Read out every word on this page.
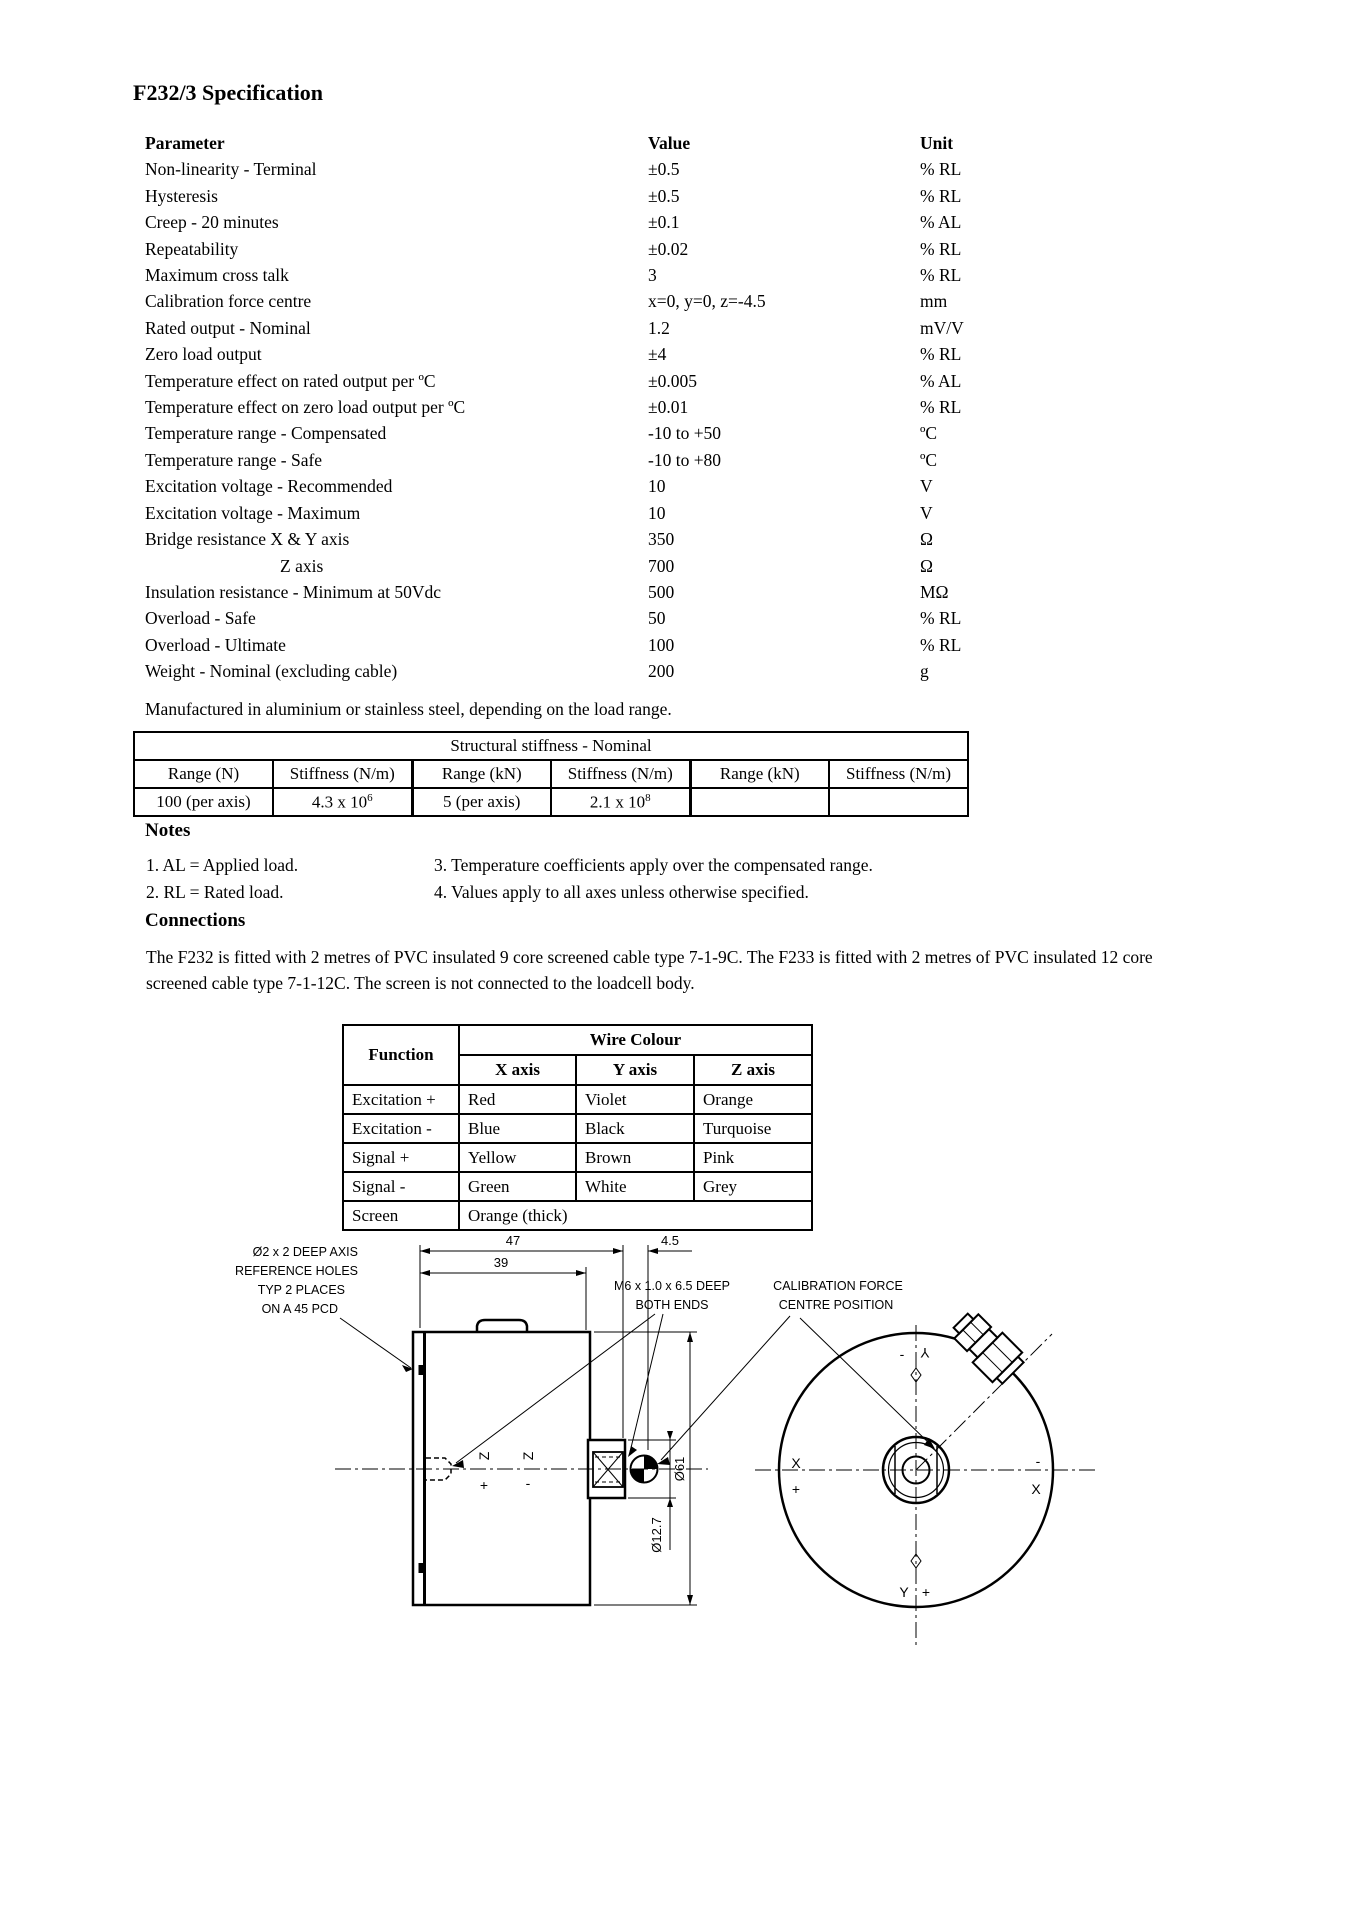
F232/3 Specification
Parameter	Value	Unit
Non-linearity - Terminal	±0.5	% RL
Hysteresis	±0.5	% RL
Creep - 20 minutes	±0.1	% AL
Repeatability	±0.02	% RL
Maximum cross talk	3	% RL
Calibration force centre	x=0, y=0, z=-4.5	mm
Rated output - Nominal	1.2	mV/V
Zero load output	±4	% RL
Temperature effect on rated output per ºC	±0.005	% AL
Temperature effect on zero load output per ºC	±0.01	% RL
Temperature range - Compensated	-10 to +50	ºC
Temperature range - Safe	-10 to +80	ºC
Excitation voltage - Recommended	10	V
Excitation voltage - Maximum	10	V
Bridge resistance X & Y axis	350	Ω
Z axis	700	Ω
Insulation resistance - Minimum at 50Vdc	500	MΩ
Overload - Safe	50	% RL
Overload - Ultimate	100	% RL
Weight - Nominal (excluding cable)	200	g
Manufactured in aluminium or stainless steel, depending on the load range.
Structural stiffness - Nominal					
Range (N)	Stiffness (N/m)	Range (kN)	Stiffness (N/m)	Range (kN)	Stiffness (N/m)
100 (per axis)	4.3 x $10^6$	5 (per axis)	2.1 x $10^8$		
Notes
1. AL = Applied load.
2. RL = Rated load.
3. Temperature coefficients apply over the compensated range.
4. Values apply to all axes unless otherwise specified.
Connections
The F232 is fitted with 2 metres of PVC insulated 9 core screened cable type 7-1-9C. The F233 is fitted with 2 metres of PVC insulated 12 core screened cable type 7-1-12C. The screen is not connected to the loadcell body.
Function	Wire Colour		
	X axis	Y axis	Z axis
Excitation +	Red	Violet	Orange
Excitation -	Blue	Black	Turquoise
Signal +	Yellow	Brown	Pink
Signal -	Green	White	Grey
Screen	Orange (thick)		
Z
+
Z
-
47
39
4.5
Ø61
Ø12.7
Ø2 x 2 DEEP AXIS
REFERENCE HOLES
TYP 2 PLACES
ON A 45 PCD
M6 x 1.0 x 6.5 DEEP
BOTH ENDS
CALIBRATION FORCE
CENTRE POSITION
X
+
-
X
- Y
Y +
